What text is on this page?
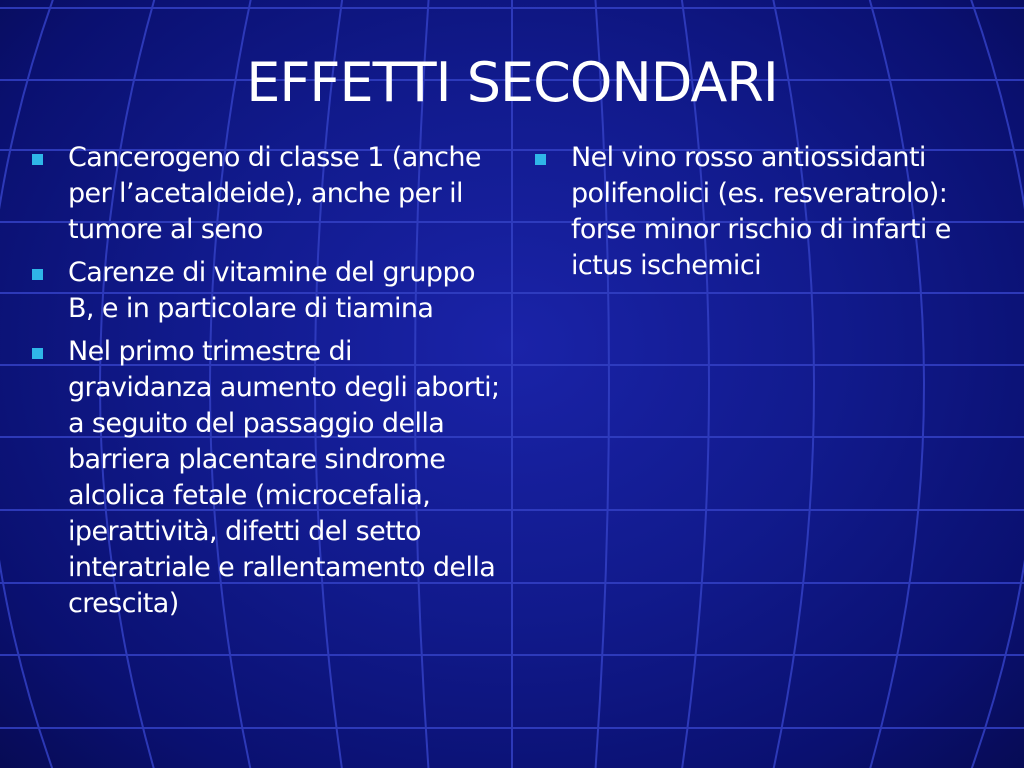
EFFETTI SECONDARI
Cancerogeno di classe 1 (anche per l’acetaldeide), anche per il tumore al seno
Carenze di vitamine del gruppo B, e in particolare di tiamina
Nel primo trimestre di gravidanza aumento degli aborti; a seguito del passaggio della barriera placentare sindrome alcolica fetale (microcefalia, iperattività, difetti del setto interatriale e rallentamento della crescita)
Nel vino rosso antiossidanti polifenolici (es. resveratrolo): forse minor rischio di infarti e ictus ischemici
